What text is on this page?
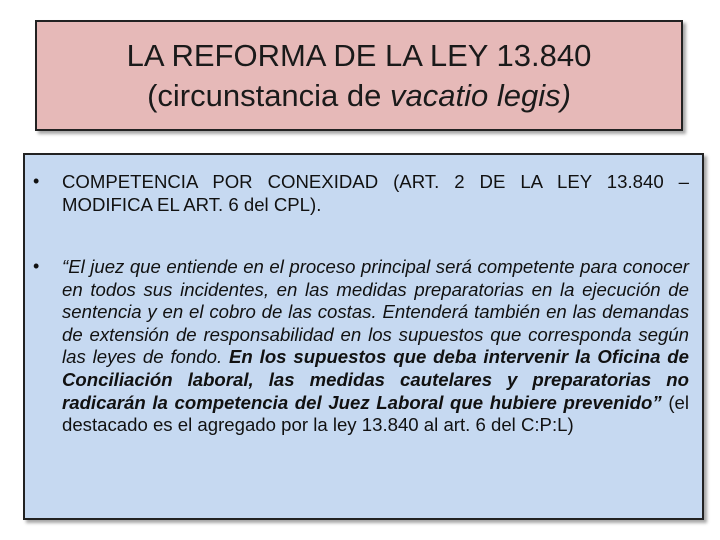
LA REFORMA DE LA LEY 13.840
(circunstancia de vacatio legis)
• COMPETENCIA POR CONEXIDAD (ART. 2 DE LA LEY 13.840 – MODIFICA EL ART. 6 del CPL).
• “El juez que entiende en el proceso principal será competente para conocer en todos sus incidentes, en las medidas preparatorias en la ejecución de sentencia y en el cobro de las costas. Entenderá también en las demandas de extensión de responsabilidad en los supuestos que corresponda según las leyes de fondo. En los supuestos que deba intervenir la Oficina de Conciliación laboral, las medidas cautelares y preparatorias no radicarán la competencia del Juez Laboral que hubiere prevenido” (el destacado es el agregado por la ley 13.840 al art. 6 del C:P:L)
